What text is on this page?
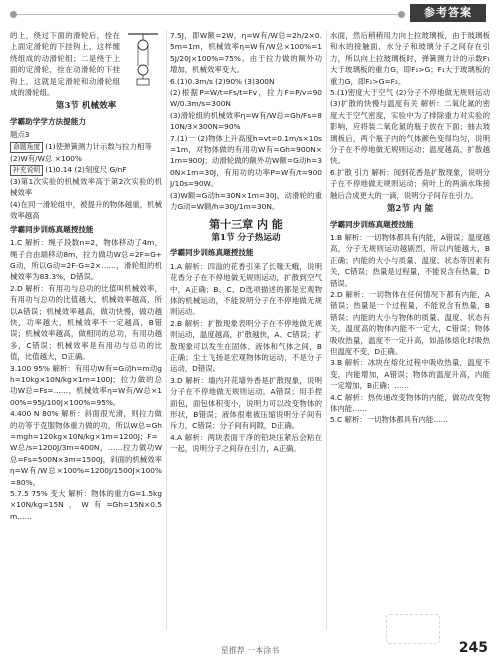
参考答案
的上，绕过下面的滑轮后，拴在上面定滑轮的下挂钩上，这样缠绕组成的动滑轮组；二是绕于上面的定滑轮，拴在动滑轮的下挂钩上，这就是定滑轮和动滑轮组成的滑轮组。
第3节 机械效率
学霸助学学方法提能力
题点3
命题角度 (1)使弹簧测力计示数与拉力相等
(2)W有/W总 ×100%
补充说明 (1)0.14 (2)刻度尺 G/nF
(3)第1次实验的机械效率高于第2次实验的机械效率
(4)在同一滑轮组中，被提升的物体越重，机械效率越高
学霸同步训练真题授技能
1.C 解析：绳子段数n=2，物体移动了4m，绳子自由端移动8m，拉力做功W总=2F=G+G动，所以G动=2F-G=2×……，滑轮组的机械效率为83.3%，D错误。
2.D 解析：有用功与总功的比值叫机械效率，有用功与总功的比值越大，机械效率越高，所以A错误；机械效率越高，做功快慢，做功越快，功率越大，机械效率不一定越高，B错误；机械效率越高，做相同的总功，有用功越多，C错误；机械效率是有用功与总功的比值，比值越大，D正确。
3.100 95% 解析：有用功W有=G动h=m动gh=10kg×10N/kg×1m=100J；拉力做的总功W总=Fs=……，机械效率η=W有/W总×100%=95J/100J×100%=95%。
4.400 N 80% 解析：斜面很光滑，则拉力做的功等于克服物体重力做的功，所以W总=Gh=mgh=120kg×10N/kg×1m=1200J；F=W总/s=1200J/3m=400N，……拉力做功W总=Fs=500N×3m=1500J，斜面的机械效率η=W有/W总×100%=1200J/1500J×100%=80%。
5.7.5 75% 变大 解析：物体的重力G=1.5kg×10N/kg=15N，W有=Gh=15N×0.5m……
7.5J，即W额=2W，η=W有/W总=2h/2×0.5m=1m，机械效率η=W有/W总×100%=15J/20J×100%=75%。由于拉力做的额外功增加，机械效率变大。
6.(1)0.3m/s (2)90% (3)300N
(2)根据P=W/t=Fs/t=Fv，拉力F=P/v=90W/0.3m/s=300N
(3)滑轮组的机械效率η=W有/W总=Gh/Fs=810N/3×300N=90%
7.(1)一 (2)物体上升高度h=vt=0.1m/s×10s=1m，对物体做的有用功W有=Gh=900N×1m=900J；动滑轮做的额外功W额=G动h=30N×1m=30J，有用功的功率P=W有/t=900J/10s=90W。
(3)W额=G动h=30N×1m=30J，动滑轮的重力G动=W额/h=30J/1m=30N。
第十三章 内 能
第1节 分子热运动
学霸同步训练真题授技能
1.A 解析：四溢的花香引来了长喙天蛾，说明花香分子在不停地做无规则运动，扩散到空气中，A正确；B、C、D选项描述的都是宏观物体的机械运动，不能说明分子在不停地做无规则运动。
2.B 解析：扩散现象表明分子在不停地做无规则运动，温度越高，扩散越快，A、C错误；扩散现象可以发生在固体、液体和气体之间，B正确；尘土飞扬是宏观物体的运动，不是分子运动，D错误。
3.D 解析：墙内开花墙外香是扩散现象，说明分子在不停地做无规则运动，A错误；用手捏面包，面包体积变小，说明力可以改变物体的形状，B错误；液体很难被压缩说明分子间有斥力，C错误；分子间有间隙，D正确。
4.A 解析：两块表面干净的铅块压紧后会粘在一起，说明分子之间存在引力，A正确。
水面，然后稍稍用力向上拉玻璃板，由于玻璃板和水的接触面，水分子和玻璃分子之间存在引力，所以向上拉玻璃板时，弹簧测力计的示数F₁大于玻璃板的重力G，即F₁>G；F₁大于玻璃板的重力G，即F₁>G=F₂。
5.(1)密度大于空气 (2)分子不停地做无规则运动 (3)扩散的快慢与温度有关 解析：二氧化氮的密度大于空气密度，实验中为了排除重力对实验的影响，应将装二氧化氮的瓶子放在下面；抽去玻璃板后，两个瓶子内的气体颜色变得均匀，说明分子在不停地做无规则运动；温度越高，扩散越快。
6.扩散 引力 解析：闻到花香是扩散现象，说明分子在不停地做无规则运动；荷叶上的两滴水珠接触后合成更大的一滴，说明分子间存在引力。
第2节 内 能
学霸同步训练真题授技能
1.B 解析：一切物体都具有内能，A错误；温度越高，分子无规则运动越剧烈，所以内能越大，B正确；内能的大小与质量、温度、状态等因素有关，C错误；热量是过程量，不能说含有热量，D错误。
2.D 解析：一切物体在任何情况下都有内能，A错误；热量是一个过程量，不能说含有热量，B错误；内能的大小与物体的质量、温度、状态有关，温度高的物体内能不一定大，C错误；物体吸收热量，温度不一定升高，如晶体熔化时吸热但温度不变，D正确。
3.B 解析：冰块在熔化过程中吸收热量，温度不变，内能增加，A错误；物体的温度升高，内能一定增加，B正确；……
4.C 解析：热传递改变物体的内能，做功改变物体内能……
5.C 解析：一切物体都具有内能……
星推荐 一本涂书	245
